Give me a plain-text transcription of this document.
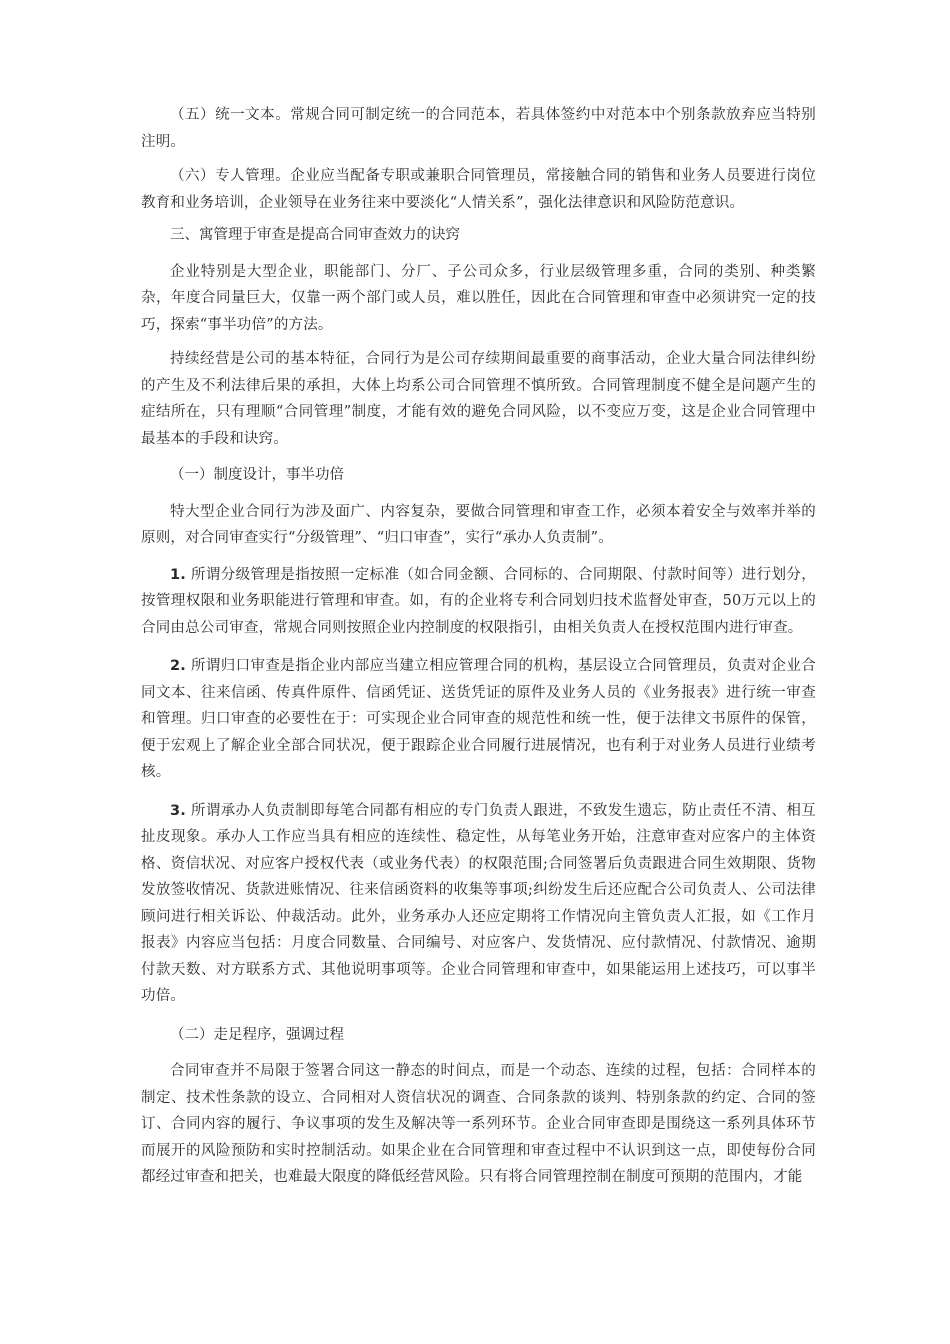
（五）统一文本。常规合同可制定统一的合同范本，若具体签约中对范本中个别条款放弃应当特别注明。

（六）专人管理。企业应当配备专职或兼职合同管理员，常接触合同的销售和业务人员要进行岗位教育和业务培训，企业领导在业务往来中要淡化“人情关系”，强化法律意识和风险防范意识。

三、寓管理于审查是提高合同审查效力的诀窍

企业特别是大型企业，职能部门、分厂、子公司众多，行业层级管理多重，合同的类别、种类繁杂，年度合同量巨大，仅靠一两个部门或人员，难以胜任，因此在合同管理和审查中必须讲究一定的技巧，探索“事半功倍”的方法。

持续经营是公司的基本特征，合同行为是公司存续期间最重要的商事活动，企业大量合同法律纠纷的产生及不利法律后果的承担，大体上均系公司合同管理不慎所致。合同管理制度不健全是问题产生的症结所在，只有理顺“合同管理”制度，才能有效的避免合同风险，以不变应万变，这是企业合同管理中最基本的手段和诀窍。

（一）制度设计，事半功倍

特大型企业合同行为涉及面广、内容复杂，要做合同管理和审查工作，必须本着安全与效率并举的原则，对合同审查实行“分级管理”、“归口审查”，实行“承办人负责制”。

1. 所谓分级管理是指按照一定标准（如合同金额、合同标的、合同期限、付款时间等）进行划分，按管理权限和业务职能进行管理和审查。如，有的企业将专利合同划归技术监督处审查，50万元以上的合同由总公司审查，常规合同则按照企业内控制度的权限指引，由相关负责人在授权范围内进行审查。

2. 所谓归口审查是指企业内部应当建立相应管理合同的机构，基层设立合同管理员，负责对企业合同文本、往来信函、传真件原件、信函凭证、送货凭证的原件及业务人员的《业务报表》进行统一审查和管理。归口审查的必要性在于：可实现企业合同审查的规范性和统一性，便于法律文书原件的保管，便于宏观上了解企业全部合同状况，便于跟踪企业合同履行进展情况，也有利于对业务人员进行业绩考核。

3. 所谓承办人负责制即每笔合同都有相应的专门负责人跟进，不致发生遗忘，防止责任不清、相互扯皮现象。承办人工作应当具有相应的连续性、稳定性，从每笔业务开始，注意审查对应客户的主体资格、资信状况、对应客户授权代表（或业务代表）的权限范围;合同签署后负责跟进合同生效期限、货物发放签收情况、货款进账情况、往来信函资料的收集等事项;纠纷发生后还应配合公司负责人、公司法律顾问进行相关诉讼、仲裁活动。此外，业务承办人还应定期将工作情况向主管负责人汇报，如《工作月报表》内容应当包括：月度合同数量、合同编号、对应客户、发货情况、应付款情况、付款情况、逾期付款天数、对方联系方式、其他说明事项等。企业合同管理和审查中，如果能运用上述技巧，可以事半功倍。

（二）走足程序，强调过程

合同审查并不局限于签署合同这一静态的时间点，而是一个动态、连续的过程，包括：合同样本的制定、技术性条款的设立、合同相对人资信状况的调查、合同条款的谈判、特别条款的约定、合同的签订、合同内容的履行、争议事项的发生及解决等一系列环节。企业合同审查即是围绕这一系列具体环节而展开的风险预防和实时控制活动。如果企业在合同管理和审查过程中不认识到这一点，即使每份合同都经过审查和把关，也难最大限度的降低经营风险。只有将合同管理控制在制度可预期的范围内，才能
